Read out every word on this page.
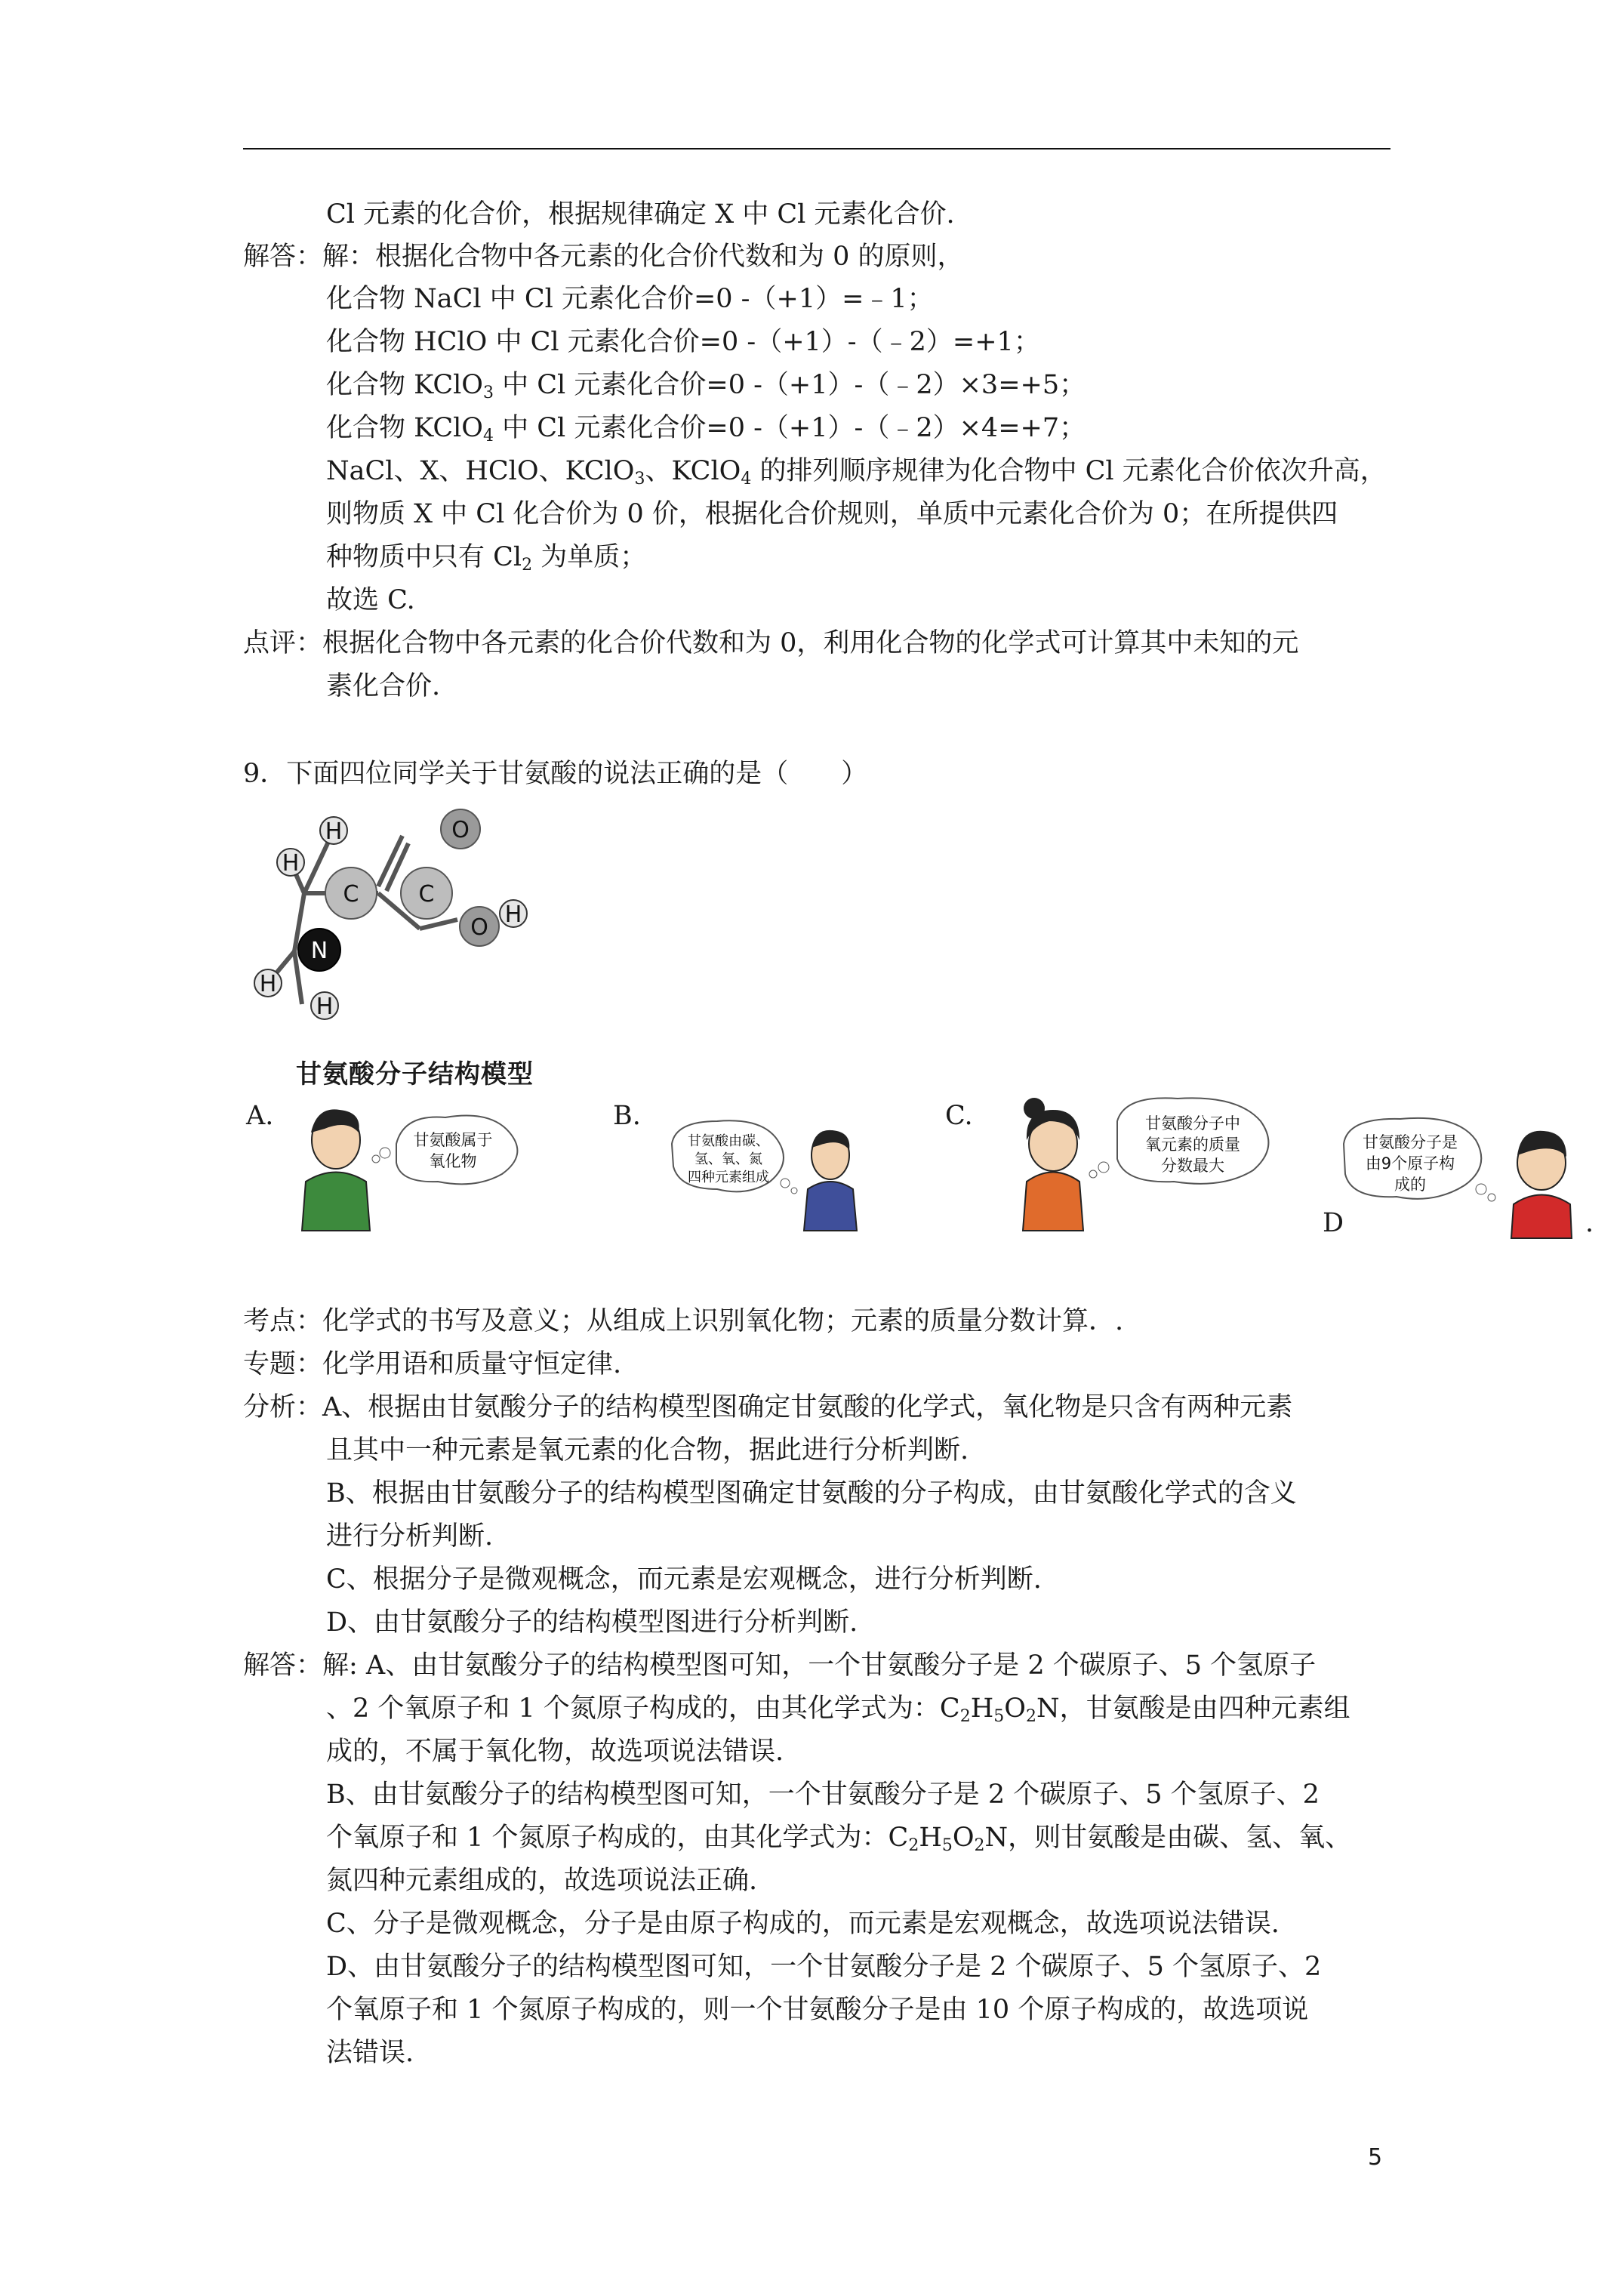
Cl 元素的化合价，根据规律确定 X 中 Cl 元素化合价.
解答：解：根据化合物中各元素的化合价代数和为 0 的原则，
化合物 NaCl 中 Cl 元素化合价=0 -（+1）=﹣1；
化合物 HClO 中 Cl 元素化合价=0 -（+1）-（﹣2）=+1；
化合物 KClO$_3$ 中 Cl 元素化合价=0 -（+1）-（﹣2）×3=+5；
化合物 KClO$_4$ 中 Cl 元素化合价=0 -（+1）-（﹣2）×4=+7；
NaCl、X、HClO、KClO$_3$、KClO$_4$ 的排列顺序规律为化合物中 Cl 元素化合价依次升高，
则物质 X 中 Cl 化合价为 0 价，根据化合价规则，单质中元素化合价为 0；在所提供四
种物质中只有 $Cl_2$ 为单质；
故选 C.
点评：根据化合物中各元素的化合价代数和为 0，利用化合物的化学式可计算其中未知的元
素化合价.
9．下面四位同学关于甘氨酸的说法正确的是（　　）
H
H
C	C
O
O H
N
H
H
甘氨酸分子结构模型
A.
甘氨酸属于
氧化物
B.
甘氨酸由碳、
氢、氧、氮
四种元素组成
C.	甘氨酸分子中
氧元素的质量
分数最大
甘氨酸分子是
由9个原子构
成的
D	.
考点：化学式的书写及意义；从组成上识别氧化物；元素的质量分数计算．.
专题：化学用语和质量守恒定律.
分析：A、根据由甘氨酸分子的结构模型图确定甘氨酸的化学式，氧化物是只含有两种元素
且其中一种元素是氧元素的化合物，据此进行分析判断.
B、根据由甘氨酸分子的结构模型图确定甘氨酸的分子构成，由甘氨酸化学式的含义
进行分析判断.
C、根据分子是微观概念，而元素是宏观概念，进行分析判断.
D、由甘氨酸分子的结构模型图进行分析判断.
解答：解: A、由甘氨酸分子的结构模型图可知，一个甘氨酸分子是 2 个碳原子、5 个氢原子
、2 个氧原子和 1 个氮原子构成的，由其化学式为：$C_2H_5O_2N$，甘氨酸是由四种元素组
成的，不属于氧化物，故选项说法错误.
B、由甘氨酸分子的结构模型图可知，一个甘氨酸分子是 2 个碳原子、5 个氢原子、2
个氧原子和 1 个氮原子构成的，由其化学式为：$C_2H_5O_2N$，则甘氨酸是由碳、氢、氧、
氮四种元素组成的，故选项说法正确.
C、分子是微观概念，分子是由原子构成的，而元素是宏观概念，故选项说法错误.
D、由甘氨酸分子的结构模型图可知，一个甘氨酸分子是 2 个碳原子、5 个氢原子、2
个氧原子和 1 个氮原子构成的，则一个甘氨酸分子是由 10 个原子构成的，故选项说
法错误.
5
